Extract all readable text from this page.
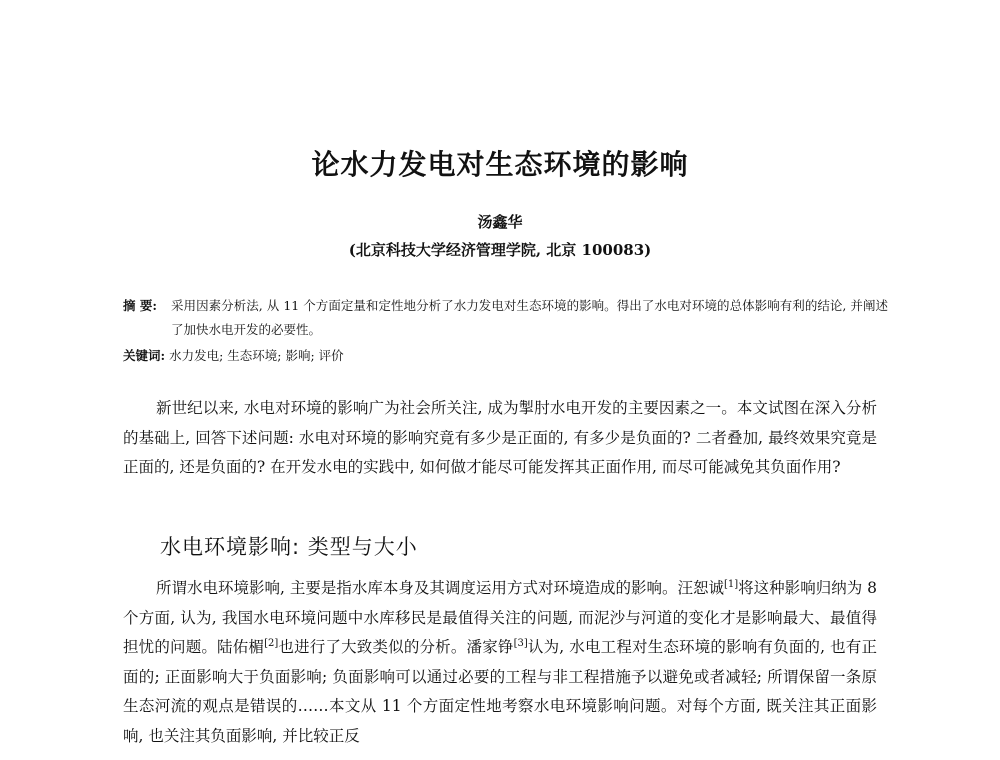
论水力发电对生态环境的影响
汤鑫华
(北京科技大学经济管理学院, 北京 100083)
摘 要: 采用因素分析法, 从 11 个方面定量和定性地分析了水力发电对生态环境的影响。得出了水电对环境的总体影响有利的结论, 并阐述了加快水电开发的必要性。
关键词: 水力发电; 生态环境; 影响; 评价

新世纪以来, 水电对环境的影响广为社会所关注, 成为掣肘水电开发的主要因素之一。本文试图在深入分析的基础上, 回答下述问题: 水电对环境的影响究竟有多少是正面的, 有多少是负面的? 二者叠加, 最终效果究竟是正面的, 还是负面的? 在开发水电的实践中, 如何做才能尽可能发挥其正面作用, 而尽可能减免其负面作用?

水电环境影响: 类型与大小

所谓水电环境影响, 主要是指水库本身及其调度运用方式对环境造成的影响。汪恕诚[1]将这种影响归纳为 8 个方面, 认为, 我国水电环境问题中水库移民是最值得关注的问题, 而泥沙与河道的变化才是影响最大、最值得担忧的问题。陆佑楣[2]也进行了大致类似的分析。潘家铮[3]认为, 水电工程对生态环境的影响有负面的, 也有正面的; 正面影响大于负面影响; 负面影响可以通过必要的工程与非工程措施予以避免或者减轻; 所谓保留一条原生态河流的观点是错误的……本文从 11 个方面定性地考察水电环境影响问题。对每个方面, 既关注其正面影响, 也关注其负面影响, 并比较正反
